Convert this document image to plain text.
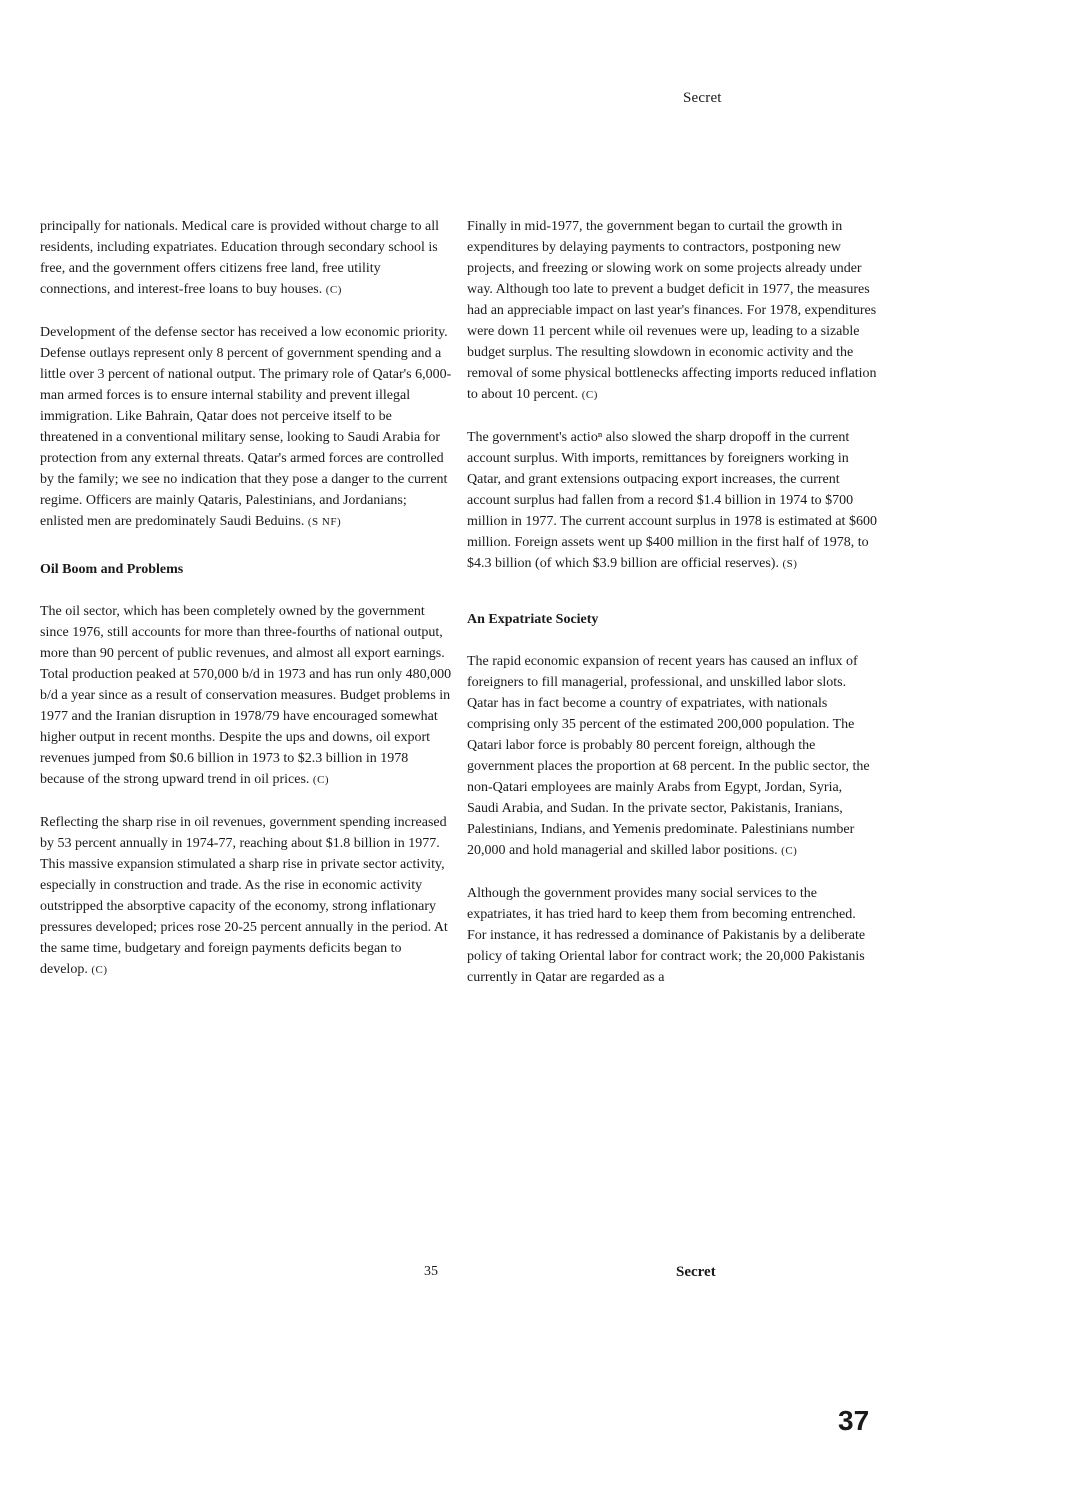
Secret

principally for nationals. Medical care is provided without charge to all residents, including expatriates. Education through secondary school is free, and the government offers citizens free land, free utility connections, and interest-free loans to buy houses. (C)

Development of the defense sector has received a low economic priority. Defense outlays represent only 8 percent of government spending and a little over 3 percent of national output. The primary role of Qatar's 6,000-man armed forces is to ensure internal stability and prevent illegal immigration. Like Bahrain, Qatar does not perceive itself to be threatened in a conventional military sense, looking to Saudi Arabia for protection from any external threats. Qatar's armed forces are controlled by the family; we see no indication that they pose a danger to the current regime. Officers are mainly Qataris, Palestinians, and Jordanians; enlisted men are predominately Saudi Beduins. (S NF)

Oil Boom and Problems

The oil sector, which has been completely owned by the government since 1976, still accounts for more than three-fourths of national output, more than 90 percent of public revenues, and almost all export earnings. Total production peaked at 570,000 b/d in 1973 and has run only 480,000 b/d a year since as a result of conservation measures. Budget problems in 1977 and the Iranian disruption in 1978/79 have encouraged somewhat higher output in recent months. Despite the ups and downs, oil export revenues jumped from $0.6 billion in 1973 to $2.3 billion in 1978 because of the strong upward trend in oil prices. (C)

Reflecting the sharp rise in oil revenues, government spending increased by 53 percent annually in 1974-77, reaching about $1.8 billion in 1977. This massive expansion stimulated a sharp rise in private sector activity, especially in construction and trade. As the rise in economic activity outstripped the absorptive capacity of the economy, strong inflationary pressures developed; prices rose 20-25 percent annually in the period. At the same time, budgetary and foreign payments deficits began to develop. (C)

Finally in mid-1977, the government began to curtail the growth in expenditures by delaying payments to contractors, postponing new projects, and freezing or slowing work on some projects already under way. Although too late to prevent a budget deficit in 1977, the measures had an appreciable impact on last year's finances. For 1978, expenditures were down 11 percent while oil revenues were up, leading to a sizable budget surplus. The resulting slowdown in economic activity and the removal of some physical bottlenecks affecting imports reduced inflation to about 10 percent. (C)

The government's actioⁿ also slowed the sharp dropoff in the current account surplus. With imports, remittances by foreigners working in Qatar, and grant extensions outpacing export increases, the current account surplus had fallen from a record $1.4 billion in 1974 to $700 million in 1977. The current account surplus in 1978 is estimated at $600 million. Foreign assets went up $400 million in the first half of 1978, to $4.3 billion (of which $3.9 billion are official reserves). (S)

An Expatriate Society

The rapid economic expansion of recent years has caused an influx of foreigners to fill managerial, professional, and unskilled labor slots. Qatar has in fact become a country of expatriates, with nationals comprising only 35 percent of the estimated 200,000 population. The Qatari labor force is probably 80 percent foreign, although the government places the proportion at 68 percent. In the public sector, the non-Qatari employees are mainly Arabs from Egypt, Jordan, Syria, Saudi Arabia, and Sudan. In the private sector, Pakistanis, Iranians, Palestinians, Indians, and Yemenis predominate. Palestinians number 20,000 and hold managerial and skilled labor positions. (C)

Although the government provides many social services to the expatriates, it has tried hard to keep them from becoming entrenched. For instance, it has redressed a dominance of Pakistanis by a deliberate policy of taking Oriental labor for contract work; the 20,000 Pakistanis currently in Qatar are regarded as a

35	Secret
37
